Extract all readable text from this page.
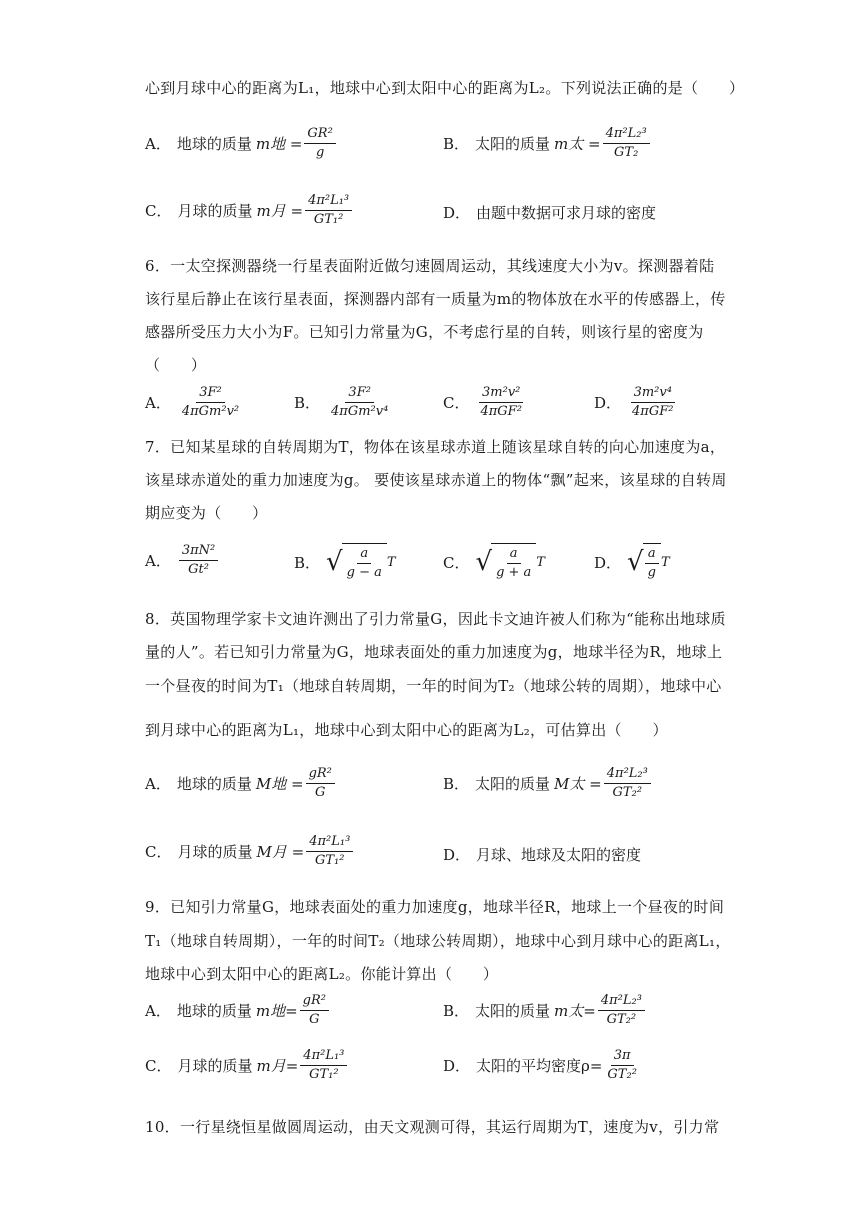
心到月球中心的距离为L₁，地球中心到太阳中心的距离为L₂。下列说法正确的是（　　）
A． 地球的质量 m地 = $\frac{\text{GR²}}{g}$	B． 太阳的质量 m太 = $\frac{\text{4π²L₂³}}{\text{GT₂}}$
C． 月球的质量 m月 = $\frac{\text{4π²L₁³}}{\text{GT₁²}}$	D． 由题中数据可求月球的密度
6．一太空探测器绕一行星表面附近做匀速圆周运动，其线速度大小为v。探测器着陆
该行星后静止在该行星表面，探测器内部有一质量为m的物体放在水平的传感器上，传
感器所受压力大小为F。已知引力常量为G，不考虑行星的自转，则该行星的密度为
（　　）
A． $\frac{\text{3F²}}{\text{4πGm²v²}}$	B． $\frac{\text{3F²}}{\text{4πGm²v⁴}}$	C． $\frac{\text{3m²v²}}{\text{4πGF²}}$	D． $\frac{\text{3m²v⁴}}{\text{4πGF²}}$
7．已知某星球的自转周期为T，物体在该星球赤道上随该星球自转的向心加速度为a，
该星球赤道处的重力加速度为g。 要使该星球赤道上的物体“飘”起来，该星球的自转周
期应变为（　　）
A． $\frac{\text{3πN²}}{\text{Gt²}}$	B． √ $\frac{a}{g - a}$ T	C． √ $\frac{a}{g + a}$ T	D． √ $\frac{a}{g}$ T
8．英国物理学家卡文迪许测出了引力常量G，因此卡文迪许被人们称为“能称出地球质
量的人”。若已知引力常量为G，地球表面处的重力加速度为g，地球半径为R，地球上
一个昼夜的时间为T₁（地球自转周期，一年的时间为T₂（地球公转的周期），地球中心
到月球中心的距离为L₁，地球中心到太阳中心的距离为L₂，可估算出（　　）
A． 地球的质量 M地 = $\frac{\text{gR²}}{G}$	B． 太阳的质量 M太 = $\frac{\text{4π²L₂³}}{\text{GT₂²}}$
C． 月球的质量 M月 = $\frac{\text{4π²L₁³}}{\text{GT₁²}}$	D． 月球、地球及太阳的密度
9．已知引力常量G，地球表面处的重力加速度g，地球半径R，地球上一个昼夜的时间
T₁（地球自转周期），一年的时间T₂（地球公转周期），地球中心到月球中心的距离L₁，
地球中心到太阳中心的距离L₂。你能计算出（　　）
A． 地球的质量 m地= $\frac{\text{gR²}}{G}$	B． 太阳的质量 m太= $\frac{\text{4π²L₂³}}{\text{GT₂²}}$
C． 月球的质量 m月= $\frac{\text{4π²L₁³}}{\text{GT₁²}}$	D． 太阳的平均密度$\rho= \frac{3\pi}{\text{GT₂²}}$
10．一行星绕恒星做圆周运动，由天文观测可得，其运行周期为T，速度为v，引力常
